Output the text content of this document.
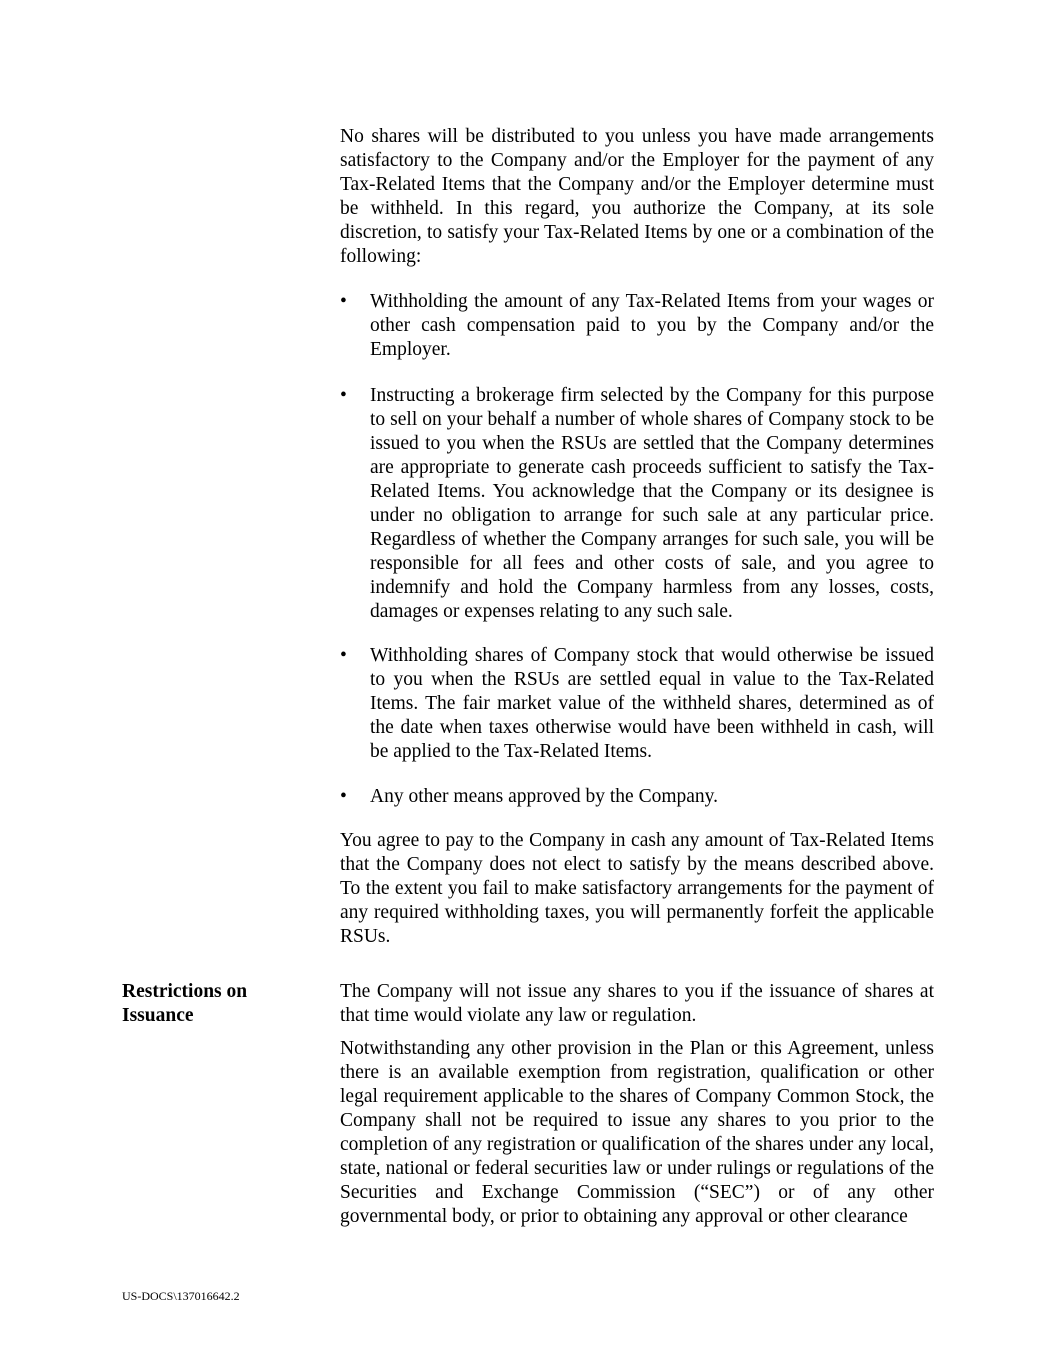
No shares will be distributed to you unless you have made arrangements satisfactory to the Company and/or the Employer for the payment of any Tax-Related Items that the Company and/or the Employer determine must be withheld. In this regard, you authorize the Company, at its sole discretion, to satisfy your Tax-Related Items by one or a combination of the following:

•	Withholding the amount of any Tax-Related Items from your wages or other cash compensation paid to you by the Company and/or the Employer.
•	Instructing a brokerage firm selected by the Company for this purpose to sell on your behalf a number of whole shares of Company stock to be issued to you when the RSUs are settled that the Company determines are appropriate to generate cash proceeds sufficient to satisfy the Tax-Related Items. You acknowledge that the Company or its designee is under no obligation to arrange for such sale at any particular price. Regardless of whether the Company arranges for such sale, you will be responsible for all fees and other costs of sale, and you agree to indemnify and hold the Company harmless from any losses, costs, damages or expenses relating to any such sale.
•	Withholding shares of Company stock that would otherwise be issued to you when the RSUs are settled equal in value to the Tax-Related Items. The fair market value of the withheld shares, determined as of the date when taxes otherwise would have been withheld in cash, will be applied to the Tax-Related Items.
•	Any other means approved by the Company.

You agree to pay to the Company in cash any amount of Tax-Related Items that the Company does not elect to satisfy by the means described above. To the extent you fail to make satisfactory arrangements for the payment of any required withholding taxes, you will permanently forfeit the applicable RSUs.

Restrictions on
Issuance

The Company will not issue any shares to you if the issuance of shares at that time would violate any law or regulation.

Notwithstanding any other provision in the Plan or this Agreement, unless there is an available exemption from registration, qualification or other legal requirement applicable to the shares of Company Common Stock, the Company shall not be required to issue any shares to you prior to the completion of any registration or qualification of the shares under any local, state, national or federal securities law or under rulings or regulations of the Securities and Exchange Commission (“SEC”) or of any other governmental body, or prior to obtaining any approval or other clearance

US-DOCS\137016642.2
